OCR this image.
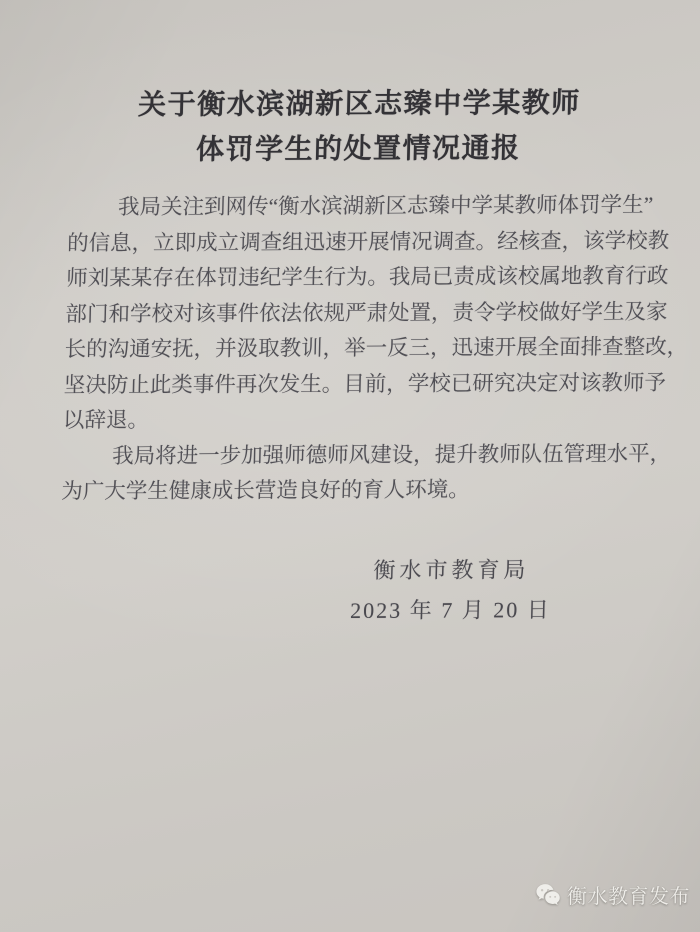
关于衡水滨湖新区志臻中学某教师
体罚学生的处置情况通报
我局关注到网传“衡水滨湖新区志臻中学某教师体罚学生”
的信息，立即成立调查组迅速开展情况调查。经核查，该学校教
师刘某某存在体罚违纪学生行为。我局已责成该校属地教育行政
部门和学校对该事件依法依规严肃处置，责令学校做好学生及家
长的沟通安抚，并汲取教训，举一反三，迅速开展全面排查整改，
坚决防止此类事件再次发生。目前，学校已研究决定对该教师予
以辞退。
我局将进一步加强师德师风建设，提升教师队伍管理水平，
为广大学生健康成长营造良好的育人环境。
衡水市教育局
2023 年 7 月 20 日
衡水教育发布
